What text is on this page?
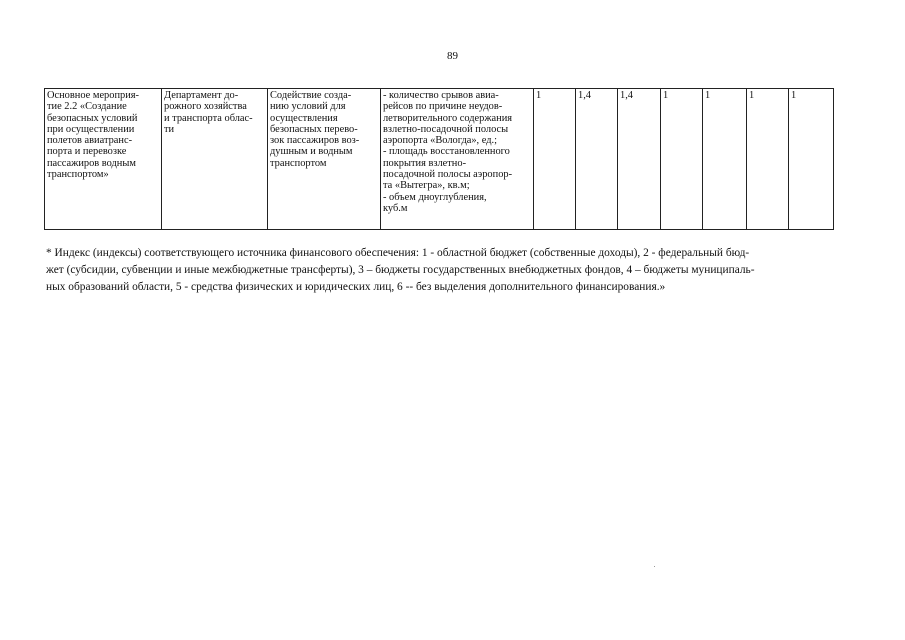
89
Основное мероприя-
тие 2.2 «Создание
безопасных условий
при осуществлении
полетов авиатранс-
порта и перевозке
пассажиров водным
транспортом»	Департамент до-
рожного хозяйства
и транспорта облас-
ти	Содействие созда-
нию условий для
осуществления
безопасных перево-
зок пассажиров воз-
душным и водным
транспортом	- количество срывов авиа-
рейсов по причине неудов-
летворительного содержания
взлетно-посадочной полосы
аэропорта «Вологда», ед.;
- площадь восстановленного
покрытия взлетно-
посадочной полосы аэропор-
та «Вытегра», кв.м;
- объем дноуглубления,
куб.м	1	1,4	1,4	1	1	1	1
* Индекс (индексы) соответствующего источника финансового обеспечения: 1 - областной бюджет (собственные доходы), 2 - федеральный бюд-
жет (субсидии, субвенции и иные межбюджетные трансферты), 3 – бюджеты государственных внебюджетных фондов, 4 – бюджеты муниципаль-
ных образований области, 5 - средства физических и юридических лиц, 6 -- без выделения дополнительного финансирования.»
